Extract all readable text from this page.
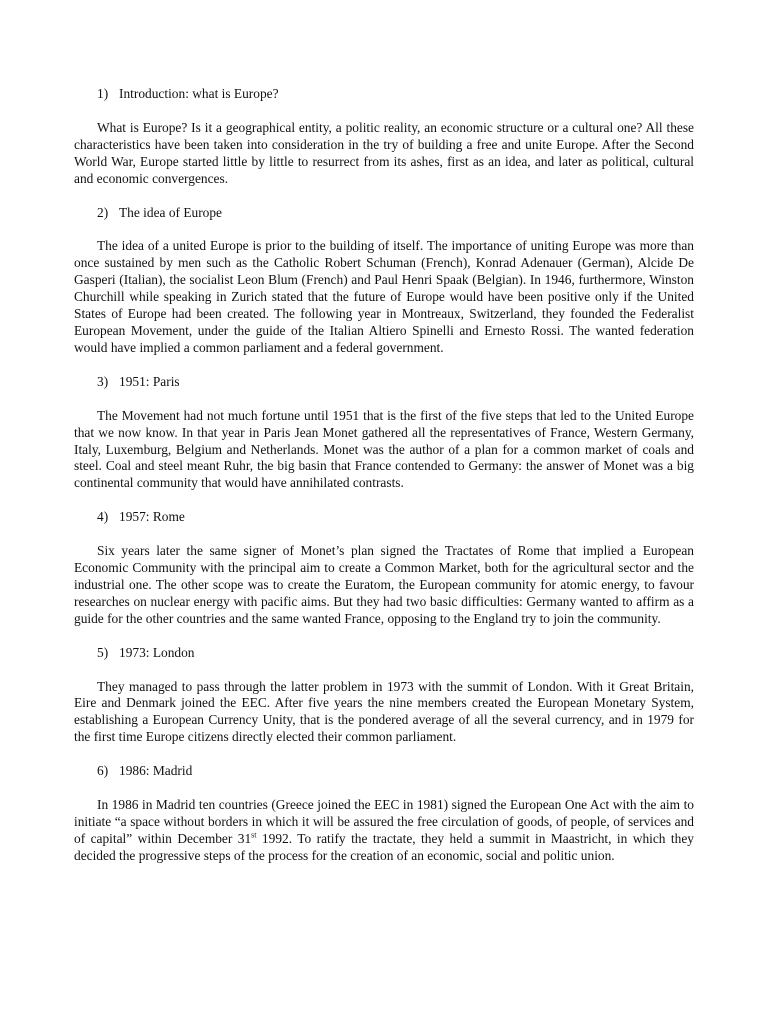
1) Introduction: what is Europe?

What is Europe? Is it a geographical entity, a politic reality, an economic structure or a cultural one? All these characteristics have been taken into consideration in the try of building a free and unite Europe. After the Second World War, Europe started little by little to resurrect from its ashes, first as an idea, and later as political, cultural and economic convergences.

2) The idea of Europe

The idea of a united Europe is prior to the building of itself. The importance of uniting Europe was more than once sustained by men such as the Catholic Robert Schuman (French), Konrad Adenauer (German), Alcide De Gasperi (Italian), the socialist Leon Blum (French) and Paul Henri Spaak (Belgian). In 1946, furthermore, Winston Churchill while speaking in Zurich stated that the future of Europe would have been positive only if the United States of Europe had been created. The following year in Montreaux, Switzerland, they founded the Federalist European Movement, under the guide of the Italian Altiero Spinelli and Ernesto Rossi. The wanted federation would have implied a common parliament and a federal government.

3) 1951: Paris

The Movement had not much fortune until 1951 that is the first of the five steps that led to the United Europe that we now know. In that year in Paris Jean Monet gathered all the representatives of France, Western Germany, Italy, Luxemburg, Belgium and Netherlands. Monet was the author of a plan for a common market of coals and steel. Coal and steel meant Ruhr, the big basin that France contended to Germany: the answer of Monet was a big continental community that would have annihilated contrasts.

4) 1957: Rome

Six years later the same signer of Monet’s plan signed the Tractates of Rome that implied a European Economic Community with the principal aim to create a Common Market, both for the agricultural sector and the industrial one. The other scope was to create the Euratom, the European community for atomic energy, to favour researches on nuclear energy with pacific aims. But they had two basic difficulties: Germany wanted to affirm as a guide for the other countries and the same wanted France, opposing to the England try to join the community.

5) 1973: London

They managed to pass through the latter problem in 1973 with the summit of London. With it Great Britain, Eire and Denmark joined the EEC. After five years the nine members created the European Monetary System, establishing a European Currency Unity, that is the pondered average of all the several currency, and in 1979 for the first time Europe citizens directly elected their common parliament.

6) 1986: Madrid

In 1986 in Madrid ten countries (Greece joined the EEC in 1981) signed the European One Act with the aim to initiate “a space without borders in which it will be assured the free circulation of goods, of people, of services and of capital” within December 31st 1992. To ratify the tractate, they held a summit in Maastricht, in which they decided the progressive steps of the process for the creation of an economic, social and politic union.
